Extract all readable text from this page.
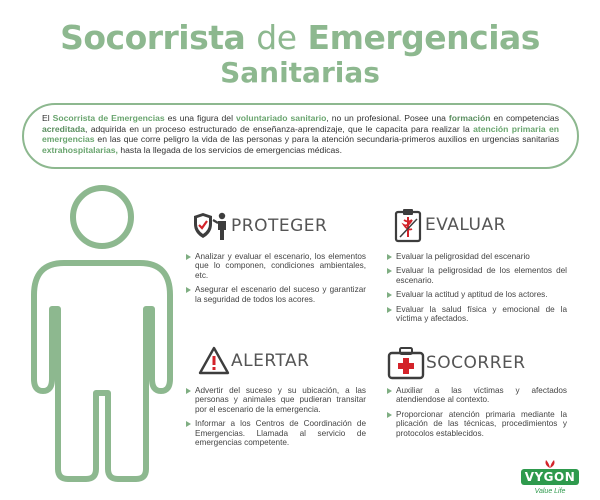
Socorrista de Emergencias
Sanitarias
El Socorrista de Emergencias es una figura del voluntariado sanitario, no un profesional. Posee una formación en competencias acreditada, adquirida en un proceso estructurado de enseñanza-aprendizaje, que le capacita para realizar la atención primaria en emergencias en las que corre peligro la vida de las personas y para la atención secundaria-primeros auxilios en urgencias sanitarias extrahospitalarias, hasta la llegada de los servicios de emergencias médicas.
PROTEGER
Analizar y evaluar el escenario, los elementos que lo componen, condiciones ambientales, etc.
Asegurar el escenario del suceso y garantizar la seguridad de todos los acores.
EVALUAR
Evaluar la peligrosidad del escenario
Evaluar la peligrosidad de los elementos del escenario.
Evaluar la actitud y aptitud de los actores.
Evaluar la salud física y emocional de la víctima y afectados.
ALERTAR
Advertir del suceso y su ubicación, a las personas y animales que pudieran transitar por el escenario de la emergencia.
Informar a los Centros de Coordinación de Emergencias. Llamada al servicio de emergencias competente.
SOCORRER
Auxiliar a las víctimas y afectados atendiendose al contexto.
Proporcionar atención primaria mediante la plicación de las técnicas, procedimientos y protocolos establecidos.
VYGON
Value Life
